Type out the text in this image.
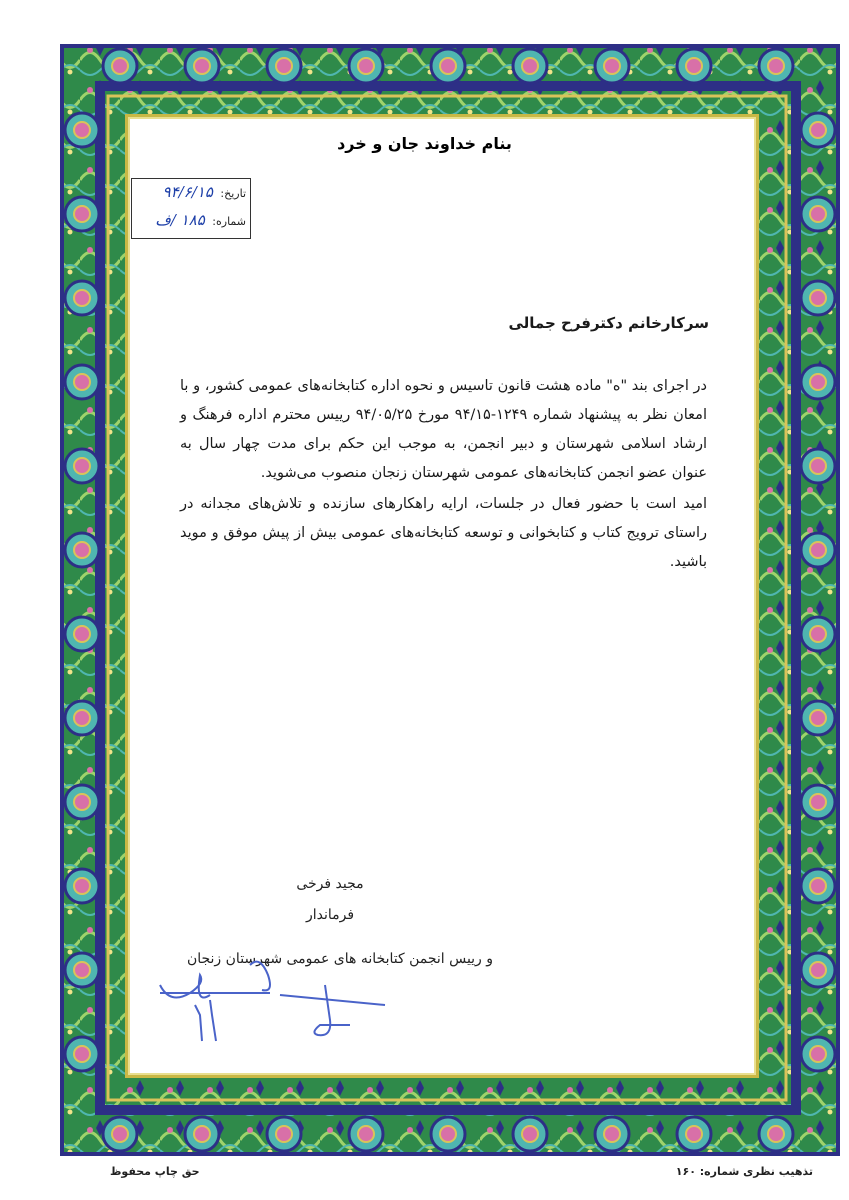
بنام خداوند جان و خرد
تاریخ: ۹۴/۶/۱۵
شماره: ۱۸۵ /ف
سرکارخانم دکترفرح جمالی

در اجرای بند "ه" ماده هشت قانون تاسیس و نحوه اداره کتابخانه‌های عمومی کشور، و با امعان نظر به پیشنهاد شماره ۱۲۴۹-۹۴/۱۵ مورخ ۹۴/۰۵/۲۵ رییس محترم اداره فرهنگ و ارشاد اسلامی شهرستان و دبیر انجمن، به موجب این حکم برای مدت چهار سال به عنوان عضو انجمن کتابخانه‌های عمومی شهرستان زنجان منصوب می‌شوید.

امید است با حضور فعال در جلسات، ارایه راهکارهای سازنده و تلاش‌های مجدانه در راستای ترویج کتاب و کتابخوانی و توسعه کتابخانه‌های عمومی بیش از پیش موفق و موید باشید.

مجید فرخی
فرماندار
و رییس انجمن کتابخانه های عمومی شهرستان زنجان
حق چاپ محفوظ	تذهیب نظری شماره: ۱۶۰
